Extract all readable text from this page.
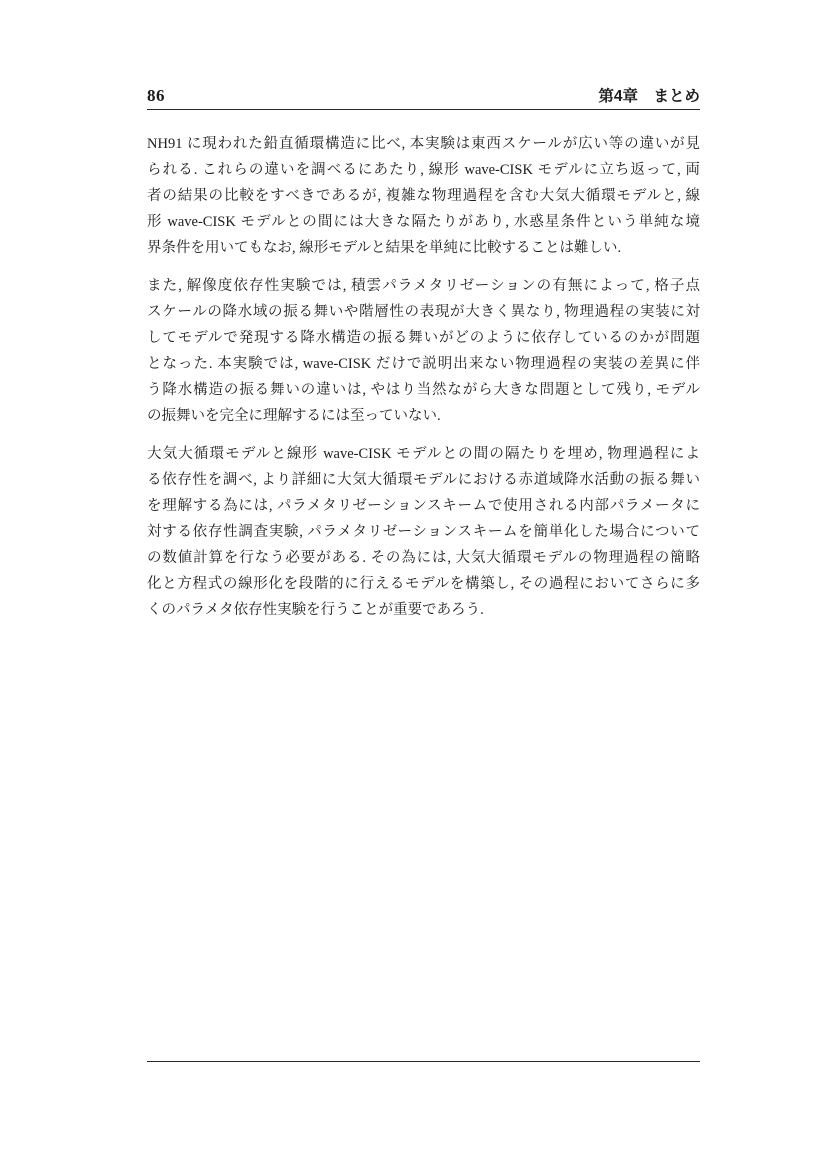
86	第4章　まとめ
NH91 に現われた鉛直循環構造に比べ, 本実験は東西スケールが広い等の違いが見
られる. これらの違いを調べるにあたり, 線形 wave-CISK モデルに立ち返って, 両
者の結果の比較をすべきであるが, 複雑な物理過程を含む大気大循環モデルと, 線
形 wave-CISK モデルとの間には大きな隔たりがあり, 水惑星条件という単純な境
界条件を用いてもなお, 線形モデルと結果を単純に比較することは難しい.
また, 解像度依存性実験では, 積雲パラメタリゼーションの有無によって, 格子点
スケールの降水域の振る舞いや階層性の表現が大きく異なり, 物理過程の実装に対
してモデルで発現する降水構造の振る舞いがどのように依存しているのかが問題
となった. 本実験では, wave-CISK だけで説明出来ない物理過程の実装の差異に伴
う降水構造の振る舞いの違いは, やはり当然ながら大きな問題として残り, モデル
の振舞いを完全に理解するには至っていない.
大気大循環モデルと線形 wave-CISK モデルとの間の隔たりを埋め, 物理過程によ
る依存性を調べ, より詳細に大気大循環モデルにおける赤道域降水活動の振る舞い
を理解する為には, パラメタリゼーションスキームで使用される内部パラメータに
対する依存性調査実験, パラメタリゼーションスキームを簡単化した場合について
の数値計算を行なう必要がある. その為には, 大気大循環モデルの物理過程の簡略
化と方程式の線形化を段階的に行えるモデルを構築し, その過程においてさらに多
くのパラメタ依存性実験を行うことが重要であろう.
